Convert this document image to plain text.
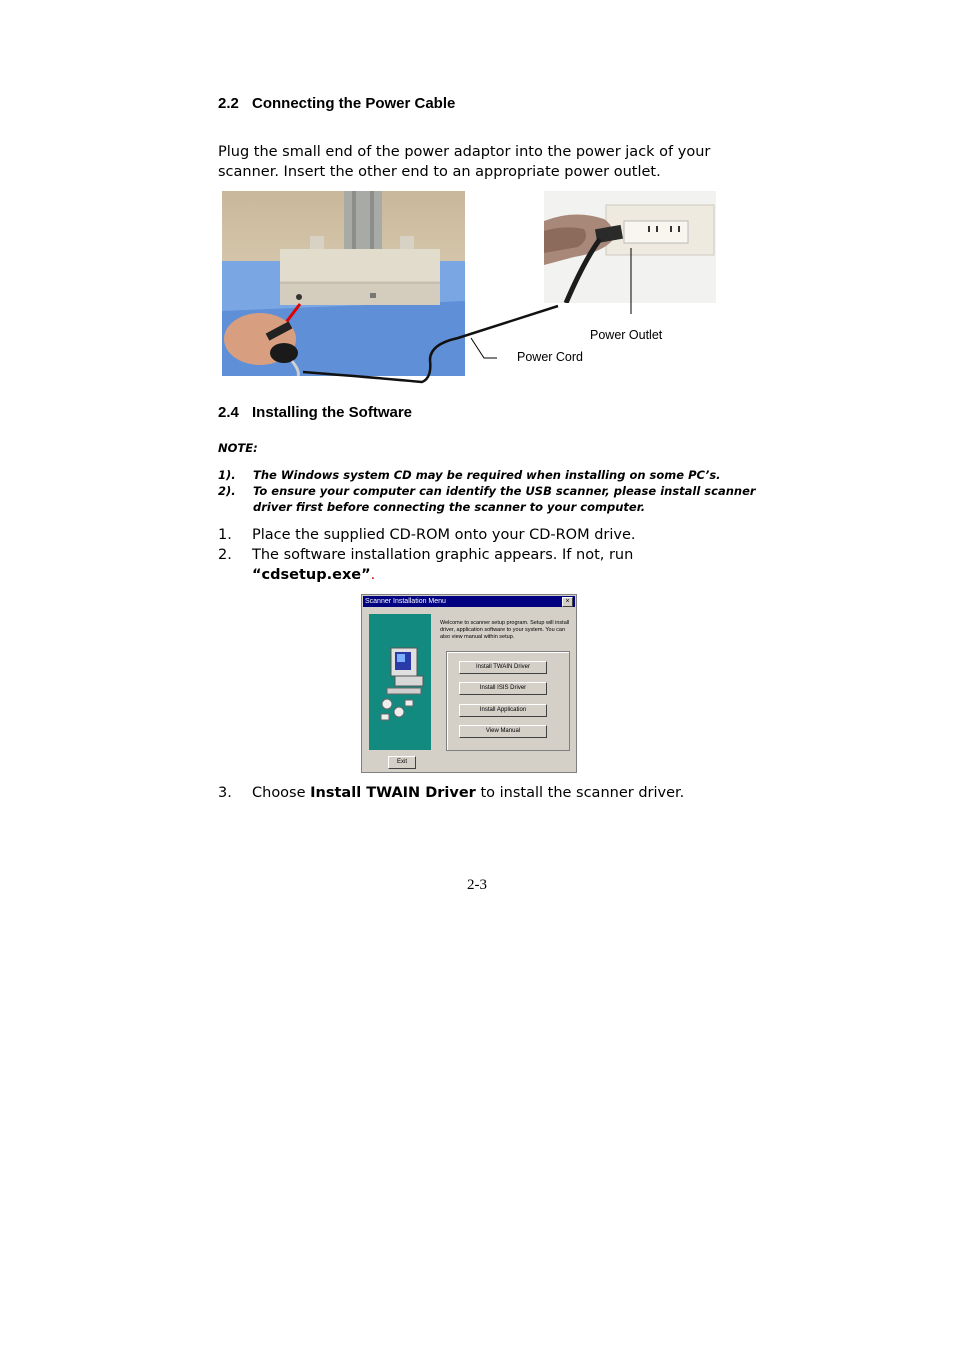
2.2 Connecting the Power Cable
Plug the small end of the power adaptor into the power jack of your
scanner. Insert the other end to an appropriate power outlet.
Power Outlet
Power Cord
2.4 Installing the Software
NOTE:
1). The Windows system CD may be required when installing on some PC’s.
2). To ensure your computer can identify the USB scanner, please install scanner
driver first before connecting the scanner to your computer.
1. Place the supplied CD-ROM onto your CD-ROM drive.
2. The software installation graphic appears. If not, run
“cdsetup.exe”.
Scanner Installation Menu	×
Welcome to scanner setup program. Setup will install driver, application software to your system. You can also view manual within setup.
Install TWAIN Driver
Install ISIS Driver
Install Application
View Manual
Exit
3. Choose Install TWAIN Driver to install the scanner driver.
2-3
